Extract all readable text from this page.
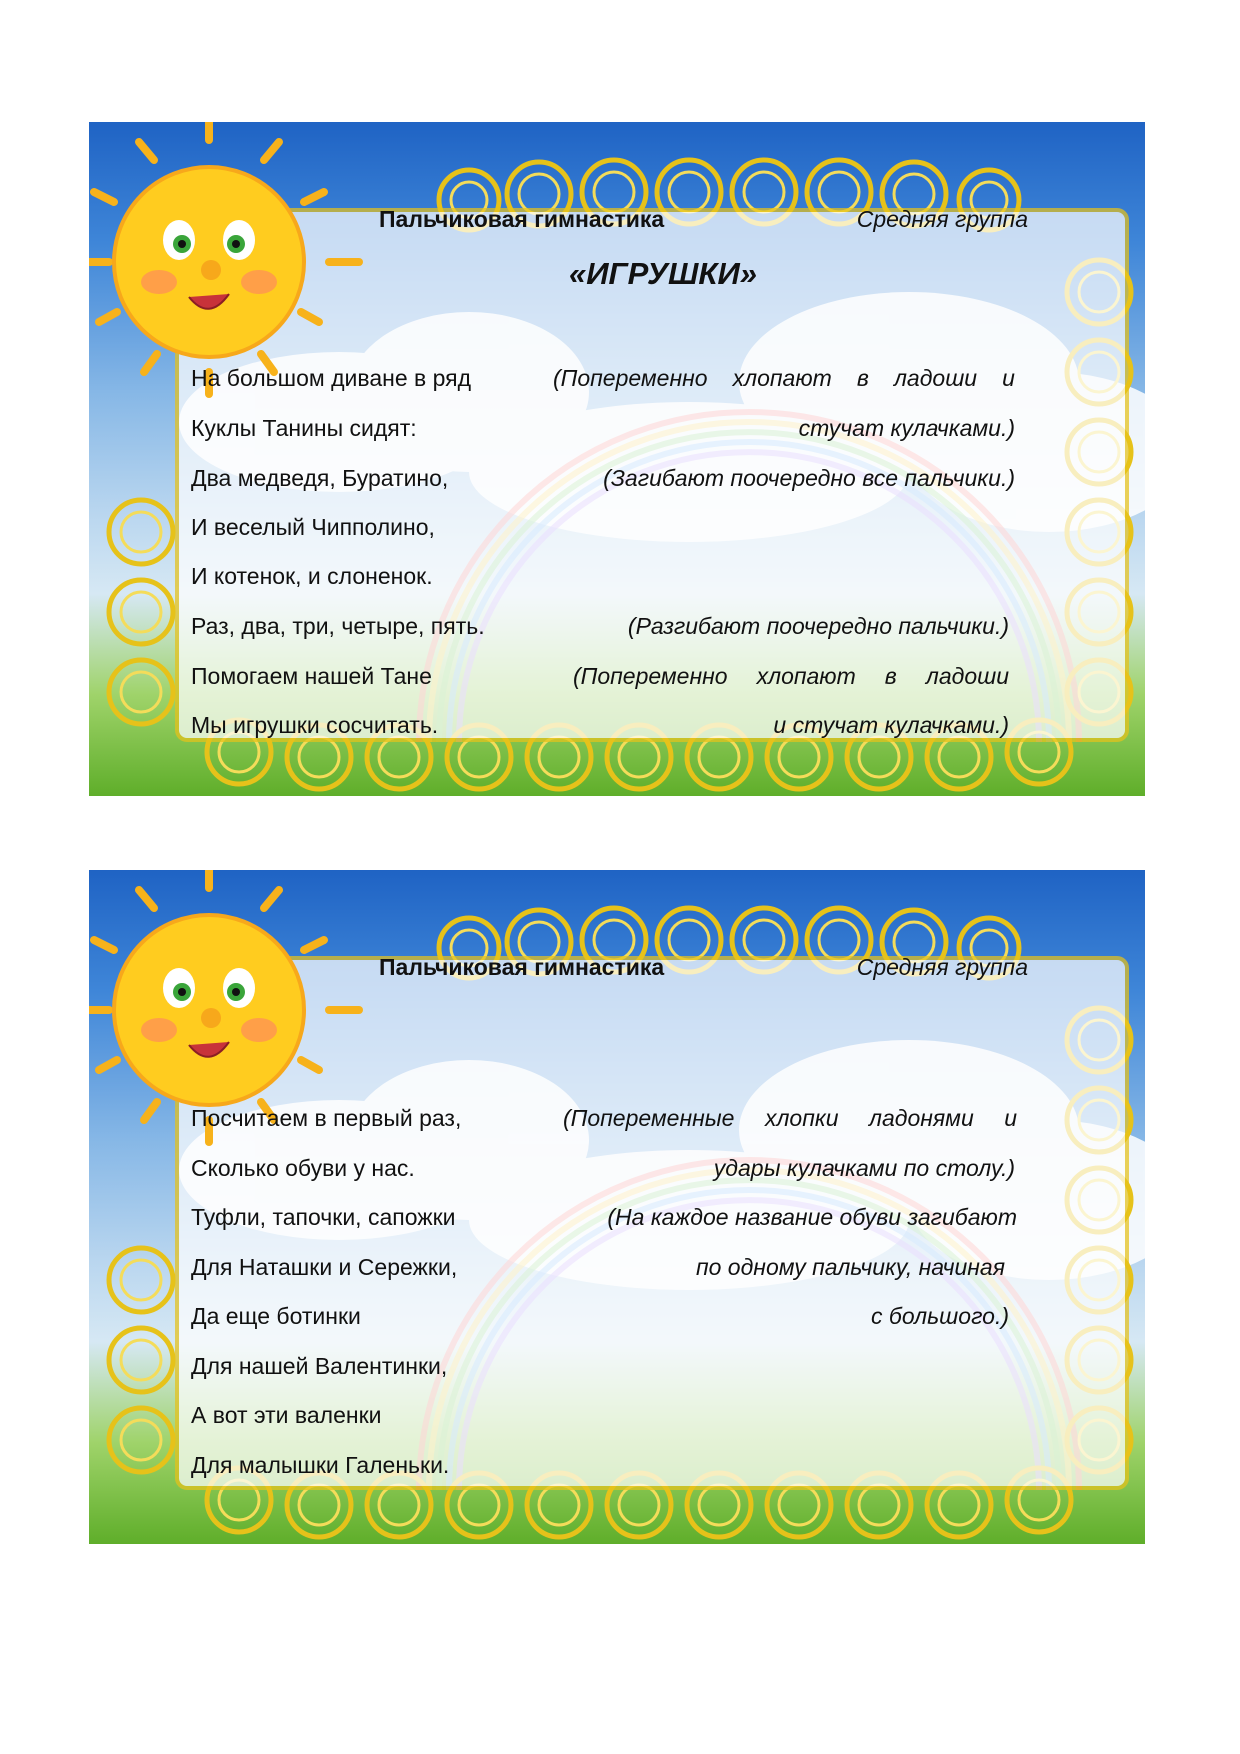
Пальчиковая гимнастика	Средняя группа
«ИГРУШКИ»
На большом диване в ряд
Куклы Танины сидят:
Два медведя, Буратино,
И веселый Чипполино,
И котенок, и слоненок.
Раз, два, три, четыре, пять.
Помогаем нашей Тане
Мы игрушки сосчитать.
(Попеременно хлопают в ладоши и
стучат кулачками.)
(Загибают поочередно все пальчики.)
(Разгибают поочередно пальчики.)
(Попеременно хлопают в ладоши
и стучат кулачками.)
Пальчиковая гимнастика	Средняя группа
Посчитаем в первый раз,
Сколько обуви у нас.
Туфли, тапочки, сапожки
Для Наташки и Сережки,
Да еще ботинки
Для нашей Валентинки,
А вот эти валенки
Для малышки Галеньки.
(Попеременные хлопки ладонями и
удары кулачками по столу.)
(На каждое название обуви загибают
по одному пальчику, начиная
с большого.)
